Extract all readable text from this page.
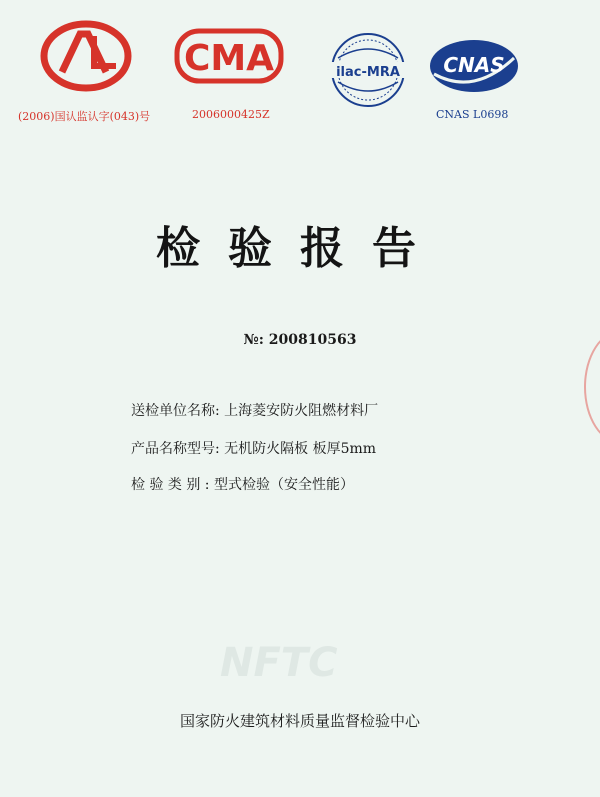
(2006)国认监认字(043)号
CMA
2006000425Z
ilac-MRA CNAS
CNAS L0698
检验报告
№: 200810563
送检单位名称: 上海菱安防火阻燃材料厂
产品名称型号: 无机防火隔板 板厚5mm
检 验 类 别 : 型式检验（安全性能）
NFTC
国家防火建筑材料质量监督检验中心
